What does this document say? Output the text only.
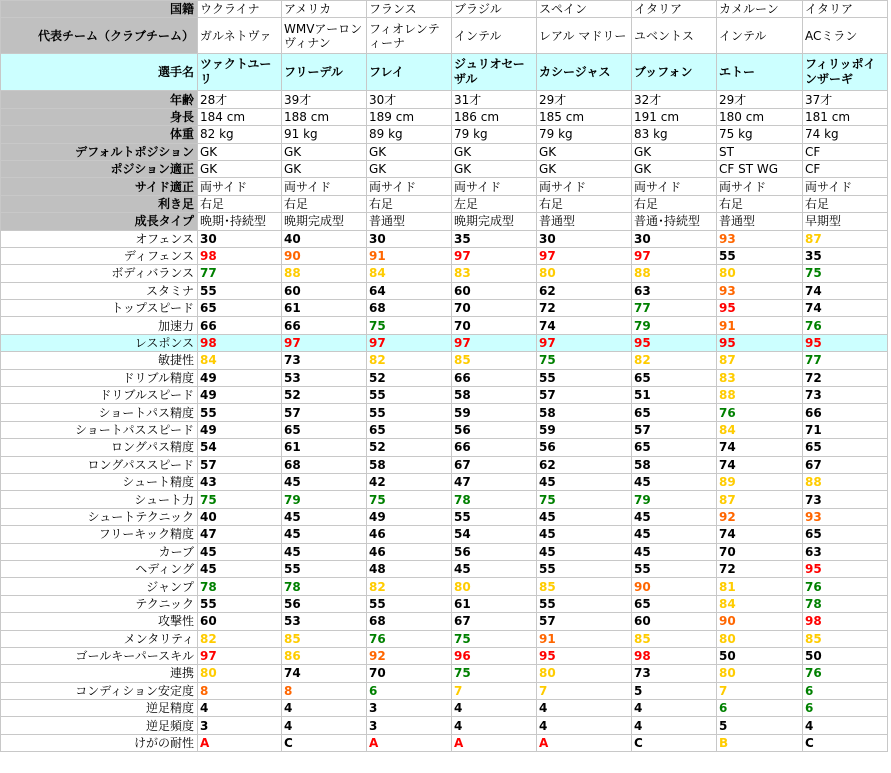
国籍	ウクライナ	アメリカ	フランス	ブラジル	スペイン	イタリア	カメルーン	イタリア
代表チーム（クラブチーム）	ガルネトヴァ	WMVアーロンヴィナン	フィオレンティーナ	インテル	レアル マドリー	ユベントス	インテル	ACミラン
選手名	ツァクトユーリ	フリーデル	フレイ	ジュリオセーザル	カシージャス	ブッフォン	エトー	フィリッポインザーギ
年齢	28才	39才	30才	31才	29才	32才	29才	37才
身長	184 cm	188 cm	189 cm	186 cm	185 cm	191 cm	180 cm	181 cm
体重	82 kg	91 kg	89 kg	79 kg	79 kg	83 kg	75 kg	74 kg
デフォルトポジション	GK	GK	GK	GK	GK	GK	ST	CF
ポジション適正	GK	GK	GK	GK	GK	GK	CF ST WG	CF
サイド適正	両サイド	両サイド	両サイド	両サイド	両サイド	両サイド	両サイド	両サイド
利き足	右足	右足	右足	左足	右足	右足	右足	右足
成長タイプ	晩期･持続型	晩期完成型	普通型	晩期完成型	普通型	普通･持続型	普通型	早期型
オフェンス	30	40	30	35	30	30	93	87
ディフェンス	98	90	91	97	97	97	55	35
ボディバランス	77	88	84	83	80	88	80	75
スタミナ	55	60	64	60	62	63	93	74
トップスピード	65	61	68	70	72	77	95	74
加速力	66	66	75	70	74	79	91	76
レスポンス	98	97	97	97	97	95	95	95
敏捷性	84	73	82	85	75	82	87	77
ドリブル精度	49	53	52	66	55	65	83	72
ドリブルスピード	49	52	55	58	57	51	88	73
ショートパス精度	55	57	55	59	58	65	76	66
ショートパススピード	49	65	65	56	59	57	84	71
ロングパス精度	54	61	52	66	56	65	74	65
ロングパススピード	57	68	58	67	62	58	74	67
シュート精度	43	45	42	47	45	45	89	88
シュート力	75	79	75	78	75	79	87	73
シュートテクニック	40	45	49	55	45	45	92	93
フリーキック精度	47	45	46	54	45	45	74	65
カーブ	45	45	46	56	45	45	70	63
ヘディング	45	55	48	45	55	55	72	95
ジャンプ	78	78	82	80	85	90	81	76
テクニック	55	56	55	61	55	65	84	78
攻撃性	60	53	68	67	57	60	90	98
メンタリティ	82	85	76	75	91	85	80	85
ゴールキーパースキル	97	86	92	96	95	98	50	50
連携	80	74	70	75	80	73	80	76
コンディション安定度	8	8	6	7	7	5	7	6
逆足精度	4	4	3	4	4	4	6	6
逆足頻度	3	4	3	4	4	4	5	4
けがの耐性	A	C	A	A	A	C	B	C
